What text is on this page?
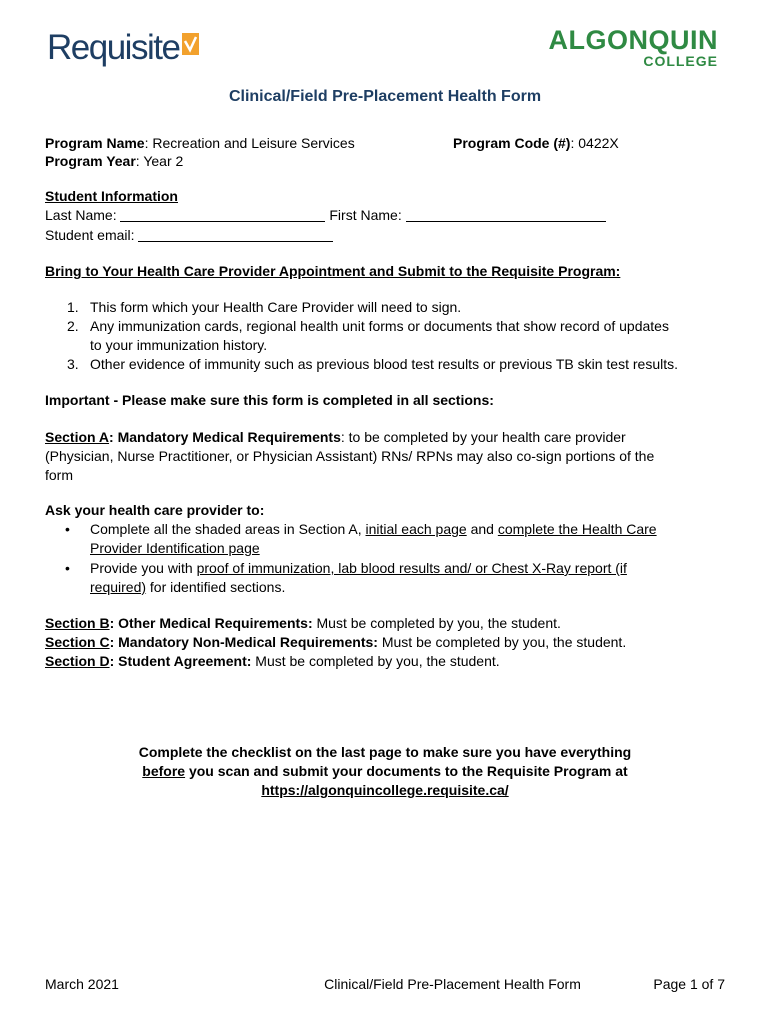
Requisite	ALGONQUIN
COLLEGE
Clinical/Field Pre-Placement Health Form
Program Name: Recreation and Leisure Services	Program Code (#): 0422X
Program Year: Year 2
Student Information
Last Name:	First Name:
Student email:
Bring to Your Health Care Provider Appointment and Submit to the Requisite Program:
1. This form which your Health Care Provider will need to sign.
2. Any immunization cards, regional health unit forms or documents that show record of updates
to your immunization history.
3. Other evidence of immunity such as previous blood test results or previous TB skin test results.
Important - Please make sure this form is completed in all sections:
Section A: Mandatory Medical Requirements: to be completed by your health care provider
(Physician, Nurse Practitioner, or Physician Assistant) RNs/ RPNs may also co-sign portions of the
form
Ask your health care provider to:
• Complete all the shaded areas in Section A, initial each page and complete the Health Care
Provider Identification page
• Provide you with proof of immunization, lab blood results and/ or Chest X-Ray report (if
required) for identified sections.
Section B: Other Medical Requirements: Must be completed by you, the student.
Section C: Mandatory Non-Medical Requirements: Must be completed by you, the student.
Section D: Student Agreement: Must be completed by you, the student.
Complete the checklist on the last page to make sure you have everything
before you scan and submit your documents to the Requisite Program at
https://algonquincollege.requisite.ca/
March 2021	Clinical/Field Pre-Placement Health Form	Page 1 of 7
